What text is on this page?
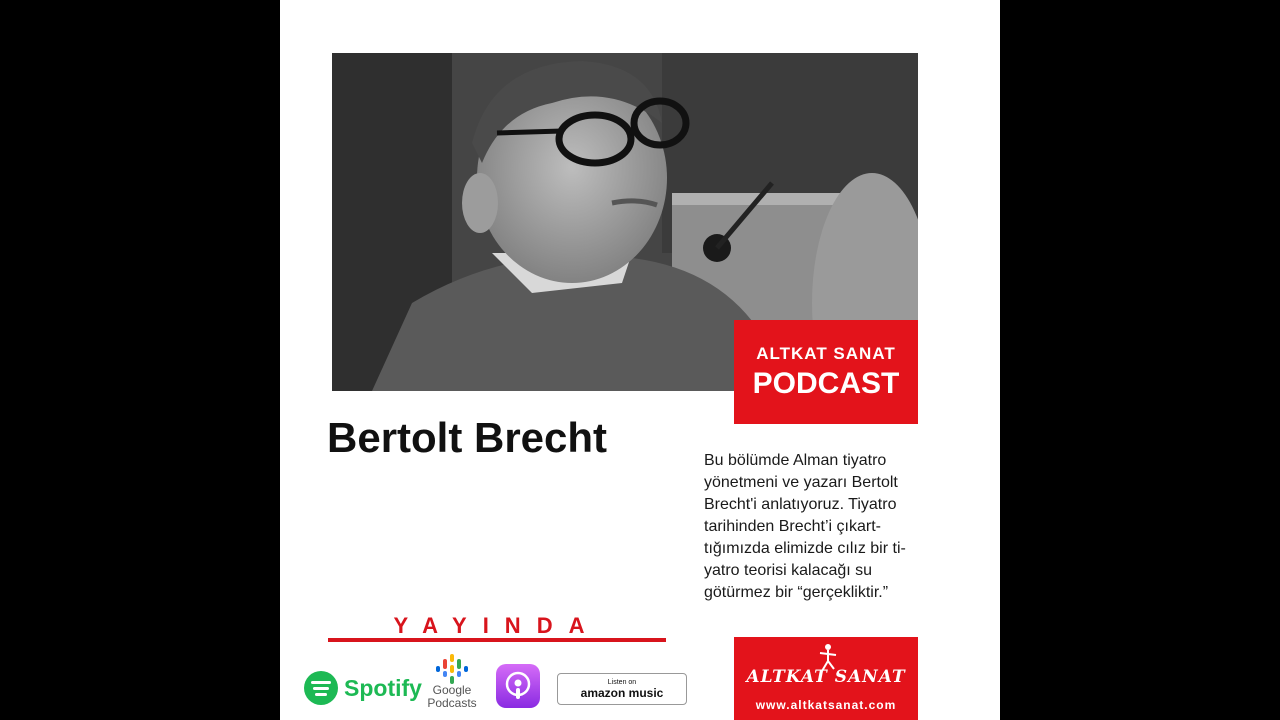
ALTKAT SANAT
PODCAST
Bertolt Brecht	Bu bölümde Alman tiyatro
yönetmeni ve yazarı Bertolt
Brecht'i anlatıyoruz. Tiyatro
tarihinden Brecht’i çıkart-
tığımızda elimizde cılız bir ti-
yatro teorisi kalacağı su
götürmez bir “gerçekliktir.”
YAYINDA
Spotify Google
Podcasts
Listen on
amazon music
ALTKAT SANAT
www.altkatsanat.com
